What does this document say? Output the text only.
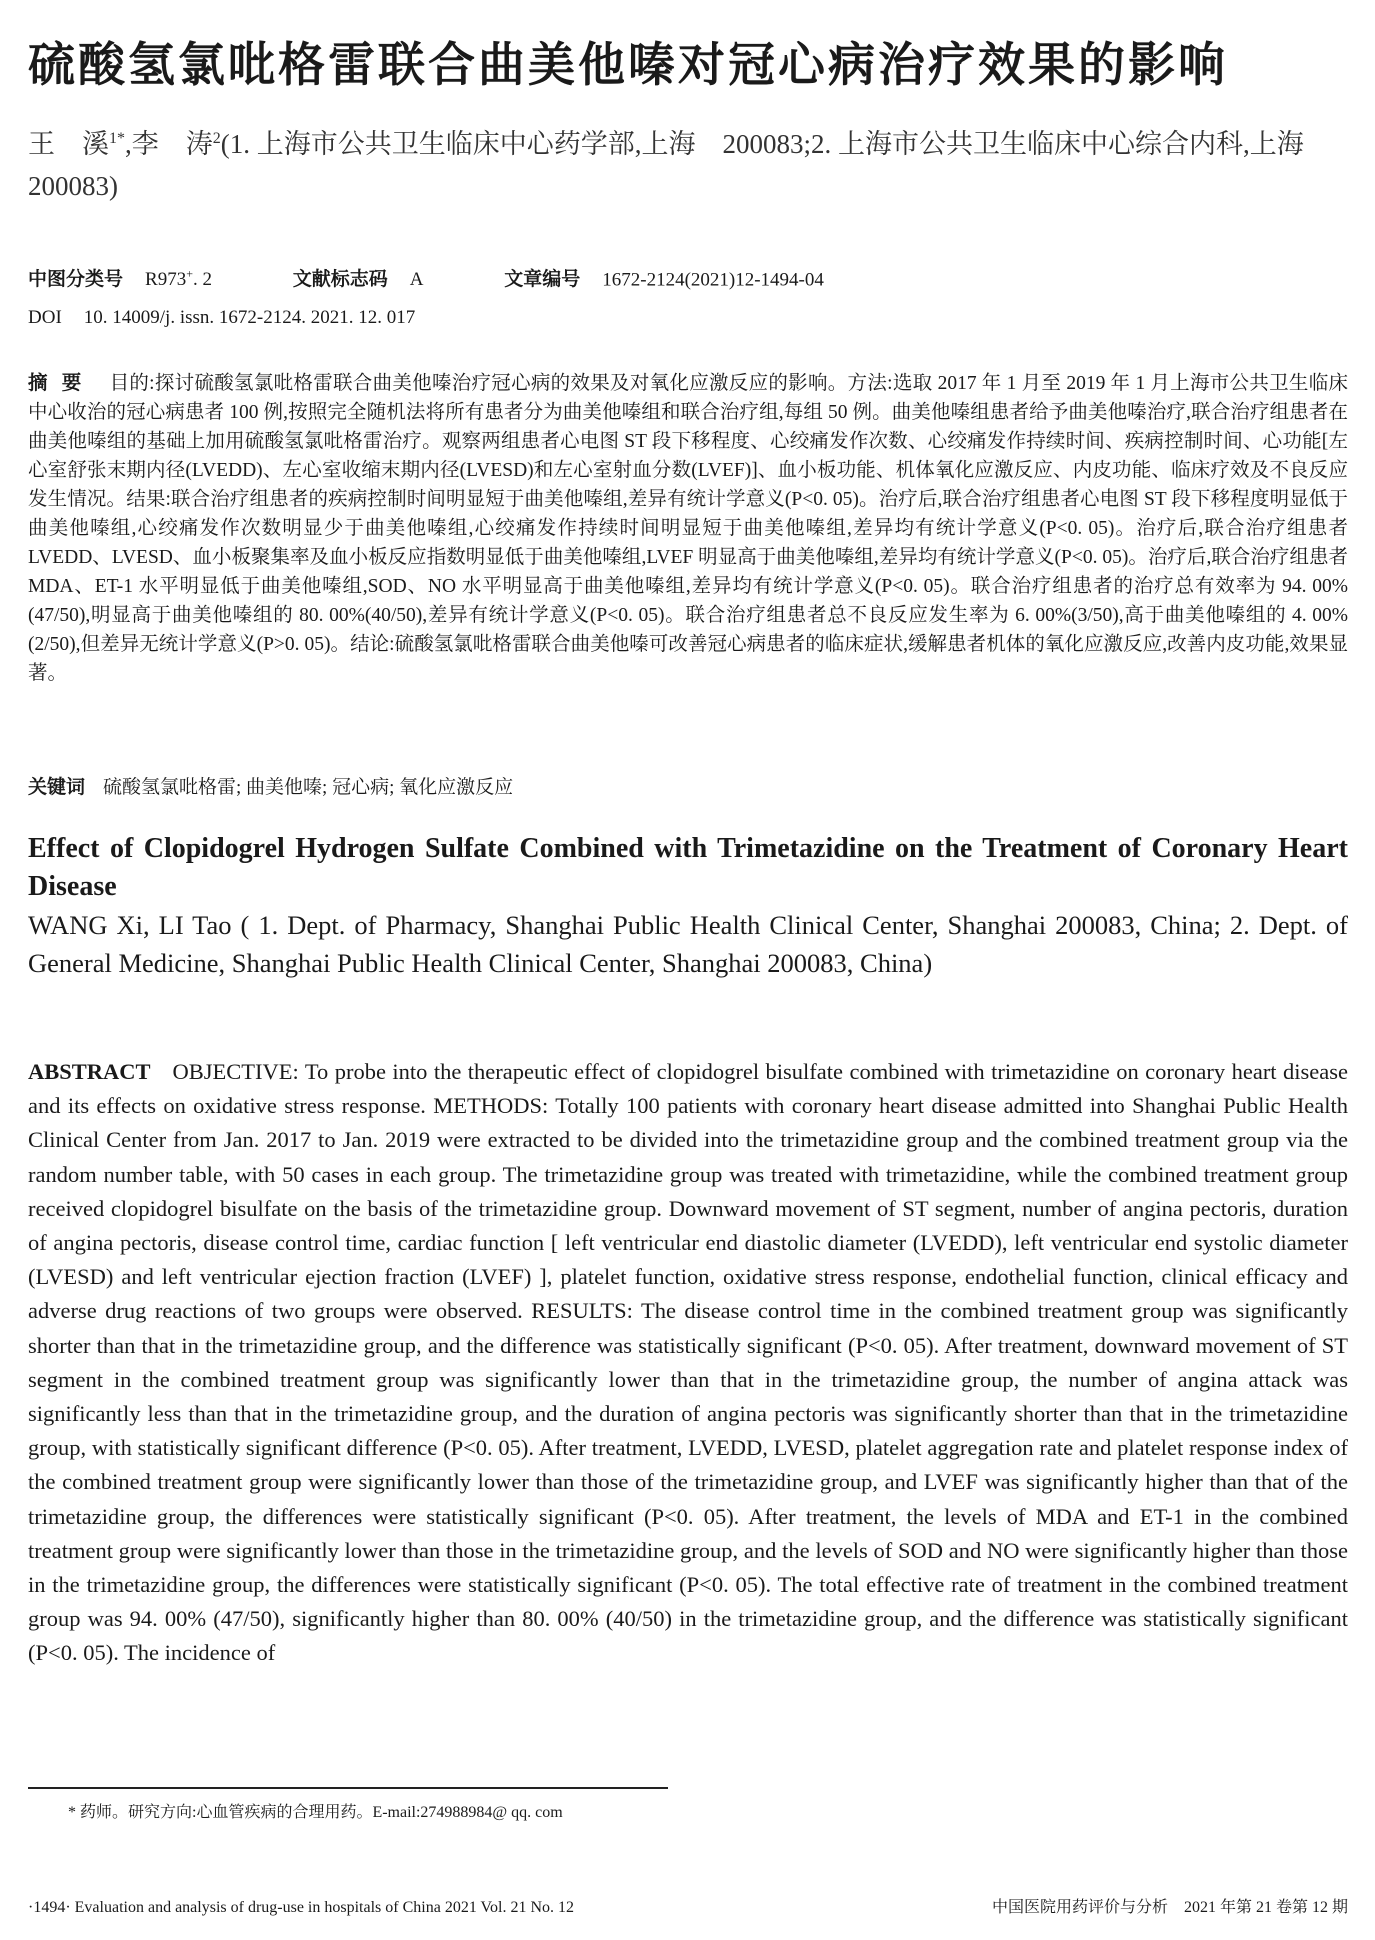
硫酸氢氯吡格雷联合曲美他嗪对冠心病治疗效果的影响
王　溪$^{1*}$,李　涛$^2$(1. 上海市公共卫生临床中心药学部,上海　200083;2. 上海市公共卫生临床中心综合内科,上海　200083)
中图分类号 R973+. 2	文献标志码 A	文章编号 1672-2124(2021)12-1494-04
DOI 10. 14009/j. issn. 1672-2124. 2021. 12. 017
摘要 目的:探讨硫酸氢氯吡格雷联合曲美他嗪治疗冠心病的效果及对氧化应激反应的影响。方法:选取 2017 年 1 月至 2019 年 1 月上海市公共卫生临床中心收治的冠心病患者 100 例,按照完全随机法将所有患者分为曲美他嗪组和联合治疗组,每组 50 例。曲美他嗪组患者给予曲美他嗪治疗,联合治疗组患者在曲美他嗪组的基础上加用硫酸氢氯吡格雷治疗。观察两组患者心电图 ST 段下移程度、心绞痛发作次数、心绞痛发作持续时间、疾病控制时间、心功能[左心室舒张末期内径(LVEDD)、左心室收缩末期内径(LVESD)和左心室射血分数(LVEF)]、血小板功能、机体氧化应激反应、内皮功能、临床疗效及不良反应发生情况。结果:联合治疗组患者的疾病控制时间明显短于曲美他嗪组,差异有统计学意义(P<0. 05)。治疗后,联合治疗组患者心电图 ST 段下移程度明显低于曲美他嗪组,心绞痛发作次数明显少于曲美他嗪组,心绞痛发作持续时间明显短于曲美他嗪组,差异均有统计学意义(P<0. 05)。治疗后,联合治疗组患者 LVEDD、LVESD、血小板聚集率及血小板反应指数明显低于曲美他嗪组,LVEF 明显高于曲美他嗪组,差异均有统计学意义(P<0. 05)。治疗后,联合治疗组患者 MDA、ET-1 水平明显低于曲美他嗪组,SOD、NO 水平明显高于曲美他嗪组,差异均有统计学意义(P<0. 05)。联合治疗组患者的治疗总有效率为 94. 00%(47/50),明显高于曲美他嗪组的 80. 00%(40/50),差异有统计学意义(P<0. 05)。联合治疗组患者总不良反应发生率为 6. 00%(3/50),高于曲美他嗪组的 4. 00%(2/50),但差异无统计学意义(P>0. 05)。结论:硫酸氢氯吡格雷联合曲美他嗪可改善冠心病患者的临床症状,缓解患者机体的氧化应激反应,改善内皮功能,效果显著。
关键词 硫酸氢氯吡格雷; 曲美他嗪; 冠心病; 氧化应激反应
Effect of Clopidogrel Hydrogen Sulfate Combined with Trimetazidine on the Treatment of Coronary Heart Disease
WANG Xi, LI Tao ( 1. Dept. of Pharmacy, Shanghai Public Health Clinical Center, Shanghai 200083, China; 2. Dept. of General Medicine, Shanghai Public Health Clinical Center, Shanghai 200083, China)
ABSTRACT OBJECTIVE: To probe into the therapeutic effect of clopidogrel bisulfate combined with trimetazidine on coronary heart disease and its effects on oxidative stress response. METHODS: Totally 100 patients with coronary heart disease admitted into Shanghai Public Health Clinical Center from Jan. 2017 to Jan. 2019 were extracted to be divided into the trimetazidine group and the combined treatment group via the random number table, with 50 cases in each group. The trimetazidine group was treated with trimetazidine, while the combined treatment group received clopidogrel bisulfate on the basis of the trimetazidine group. Downward movement of ST segment, number of angina pectoris, duration of angina pectoris, disease control time, cardiac function [ left ventricular end diastolic diameter (LVEDD), left ventricular end systolic diameter (LVESD) and left ventricular ejection fraction (LVEF) ], platelet function, oxidative stress response, endothelial function, clinical efficacy and adverse drug reactions of two groups were observed. RESULTS: The disease control time in the combined treatment group was significantly shorter than that in the trimetazidine group, and the difference was statistically significant (P<0. 05). After treatment, downward movement of ST segment in the combined treatment group was significantly lower than that in the trimetazidine group, the number of angina attack was significantly less than that in the trimetazidine group, and the duration of angina pectoris was significantly shorter than that in the trimetazidine group, with statistically significant difference (P<0. 05). After treatment, LVEDD, LVESD, platelet aggregation rate and platelet response index of the combined treatment group were significantly lower than those of the trimetazidine group, and LVEF was significantly higher than that of the trimetazidine group, the differences were statistically significant (P<0. 05). After treatment, the levels of MDA and ET-1 in the combined treatment group were significantly lower than those in the trimetazidine group, and the levels of SOD and NO were significantly higher than those in the trimetazidine group, the differences were statistically significant (P<0. 05). The total effective rate of treatment in the combined treatment group was 94. 00% (47/50), significantly higher than 80. 00% (40/50) in the trimetazidine group, and the difference was statistically significant (P<0. 05). The incidence of
* 药师。研究方向:心血管疾病的合理用药。E-mail:274988984@ qq. com
·1494· Evaluation and analysis of drug-use in hospitals of China 2021 Vol. 21 No. 12	中国医院用药评价与分析　2021 年第 21 卷第 12 期
